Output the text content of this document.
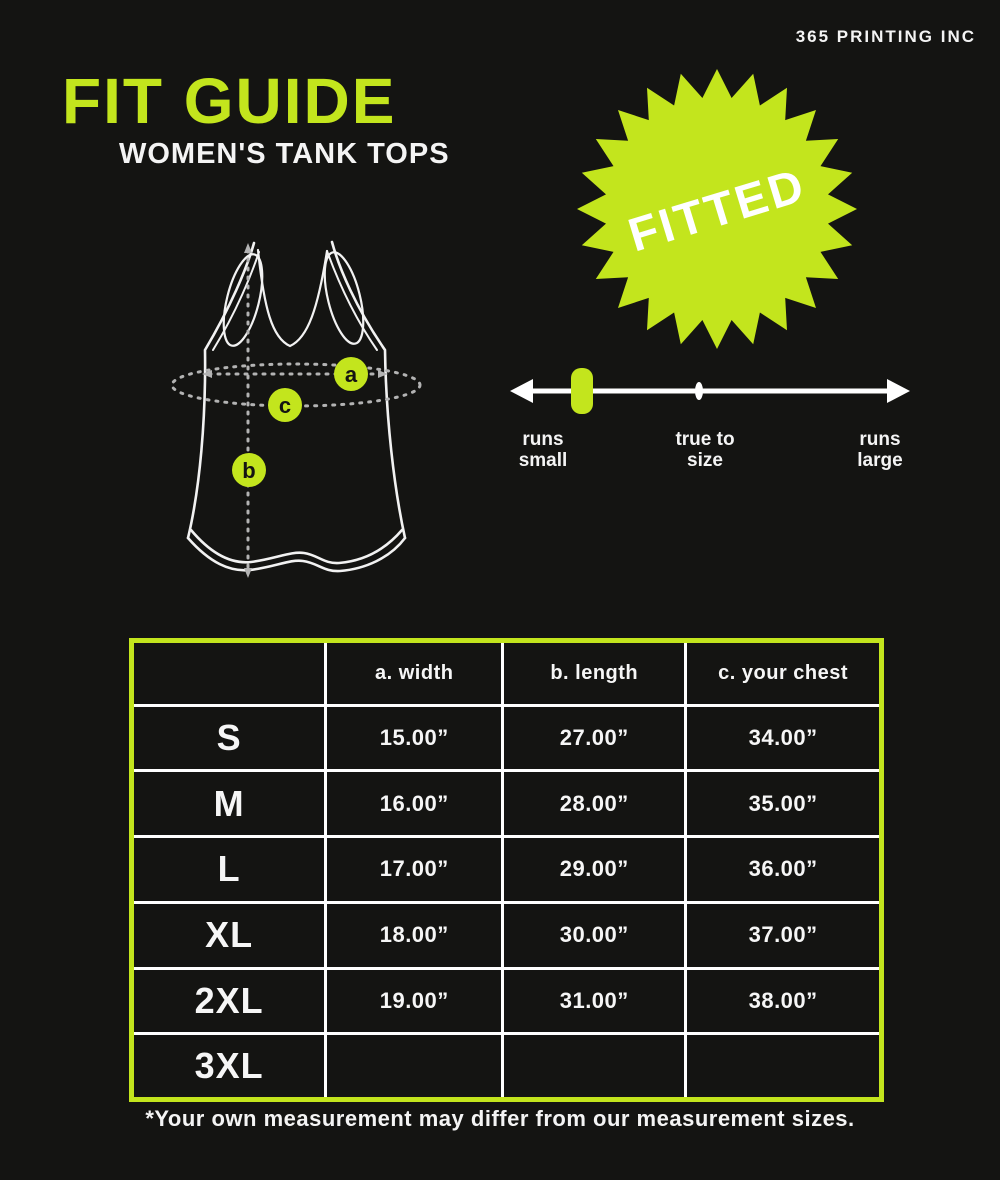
365 PRINTING INC
FIT GUIDE
WOMEN'S TANK TOPS
FITTED
a
c
b
runs
small
true to
size
runs
large
	a. width	b. length	c. your chest
S	15.00”	27.00”	34.00”
M	16.00”	28.00”	35.00”
L	17.00”	29.00”	36.00”
XL	18.00”	30.00”	37.00”
2XL	19.00”	31.00”	38.00”
3XL			
*Your own measurement may differ from our measurement sizes.
